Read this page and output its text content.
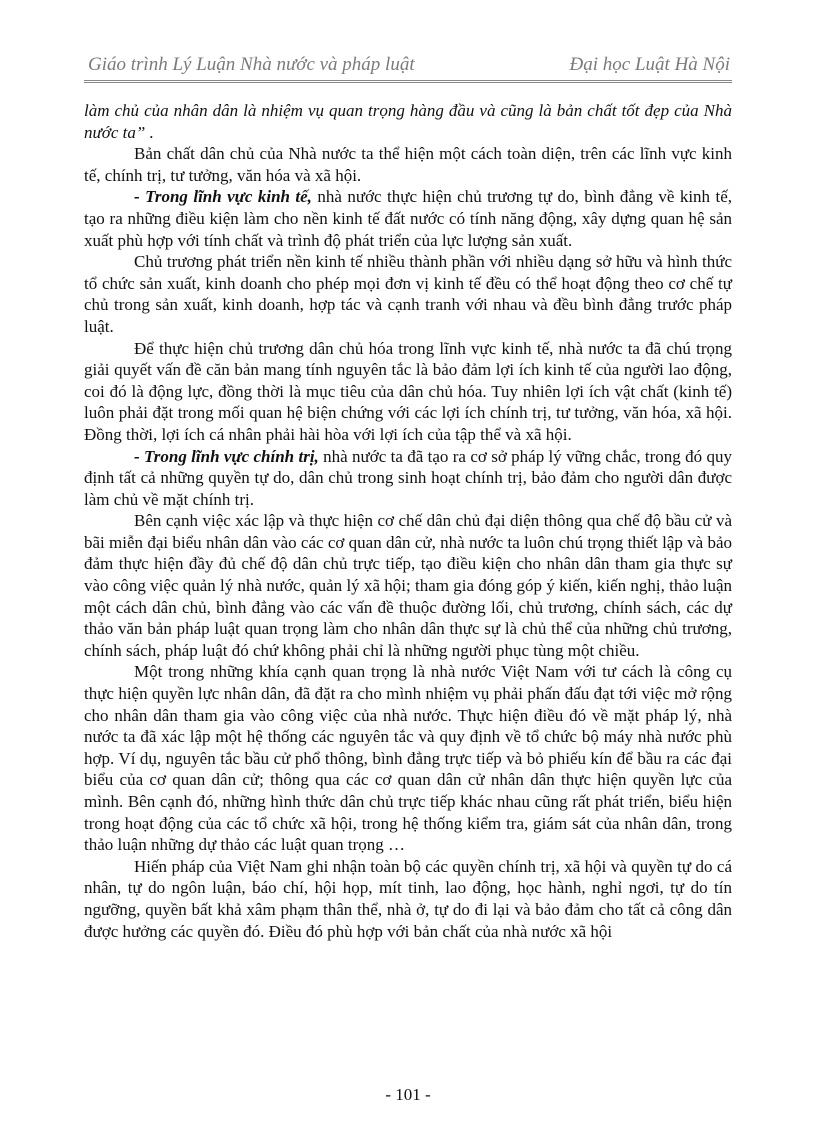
Giáo trình Lý Luận Nhà nước và pháp luật	Đại học Luật Hà Nội

làm chủ của nhân dân là nhiệm vụ quan trọng hàng đầu và cũng là bản chất tốt đẹp của Nhà nước ta” .

Bản chất dân chủ của Nhà nước ta thể hiện một cách toàn diện, trên các lĩnh vực kinh tế, chính trị, tư tưởng, văn hóa và xã hội.

- Trong lĩnh vực kinh tế, nhà nước thực hiện chủ trương tự do, bình đẳng về kinh tế, tạo ra những điều kiện làm cho nền kinh tế đất nước có tính năng động, xây dựng quan hệ sản xuất phù hợp với tính chất và trình độ phát triển của lực lượng sản xuất.

Chủ trương phát triển nền kinh tế nhiều thành phần với nhiều dạng sở hữu và hình thức tổ chức sản xuất, kinh doanh cho phép mọi đơn vị kinh tế đều có thể hoạt động theo cơ chế tự chủ trong sản xuất, kinh doanh, hợp tác và cạnh tranh với nhau và đều bình đẳng trước pháp luật.

Để thực hiện chủ trương dân chủ hóa trong lĩnh vực kinh tế, nhà nước ta đã chú trọng giải quyết vấn đề căn bản mang tính nguyên tắc là bảo đảm lợi ích kinh tế của người lao động, coi đó là động lực, đồng thời là mục tiêu của dân chủ hóa. Tuy nhiên lợi ích vật chất (kinh tế) luôn phải đặt trong mối quan hệ biện chứng với các lợi ích chính trị, tư tưởng, văn hóa, xã hội. Đồng thời, lợi ích cá nhân phải hài hòa với lợi ích của tập thể và xã hội.

- Trong lĩnh vực chính trị, nhà nước ta đã tạo ra cơ sở pháp lý vững chắc, trong đó quy định tất cả những quyền tự do, dân chủ trong sinh hoạt chính trị, bảo đảm cho người dân được làm chủ về mặt chính trị.

Bên cạnh việc xác lập và thực hiện cơ chế dân chủ đại diện thông qua chế độ bầu cử và bãi miễn đại biểu nhân dân vào các cơ quan dân cử, nhà nước ta luôn chú trọng thiết lập và bảo đảm thực hiện đầy đủ chế độ dân chủ trực tiếp, tạo điều kiện cho nhân dân tham gia thực sự vào công việc quản lý nhà nước, quản lý xã hội; tham gia đóng góp ý kiến, kiến nghị, thảo luận một cách dân chủ, bình đẳng vào các vấn đề thuộc đường lối, chủ trương, chính sách, các dự thảo văn bản pháp luật quan trọng làm cho nhân dân thực sự là chủ thể của những chủ trương, chính sách, pháp luật đó chứ không phải chỉ là những người phục tùng một chiều.

Một trong những khía cạnh quan trọng là nhà nước Việt Nam với tư cách là công cụ thực hiện quyền lực nhân dân, đã đặt ra cho mình nhiệm vụ phải phấn đấu đạt tới việc mở rộng cho nhân dân tham gia vào công việc của nhà nước. Thực hiện điều đó về mặt pháp lý, nhà nước ta đã xác lập một hệ thống các nguyên tắc và quy định về tổ chức bộ máy nhà nước phù hợp. Ví dụ, nguyên tắc bầu cử phổ thông, bình đẳng trực tiếp và bỏ phiếu kín để bầu ra các đại biểu của cơ quan dân cử; thông qua các cơ quan dân cử nhân dân thực hiện quyền lực của mình. Bên cạnh đó, những hình thức dân chủ trực tiếp khác nhau cũng rất phát triển, biểu hiện trong hoạt động của các tổ chức xã hội, trong hệ thống kiểm tra, giám sát của nhân dân, trong thảo luận những dự thảo các luật quan trọng …

Hiến pháp của Việt Nam ghi nhận toàn bộ các quyền chính trị, xã hội và quyền tự do cá nhân, tự do ngôn luận, báo chí, hội họp, mít tinh, lao động, học hành, nghỉ ngơi, tự do tín ngưỡng, quyền bất khả xâm phạm thân thể, nhà ở, tự do đi lại và bảo đảm cho tất cả công dân được hưởng các quyền đó. Điều đó phù hợp với bản chất của nhà nước xã hội

- 101 -
